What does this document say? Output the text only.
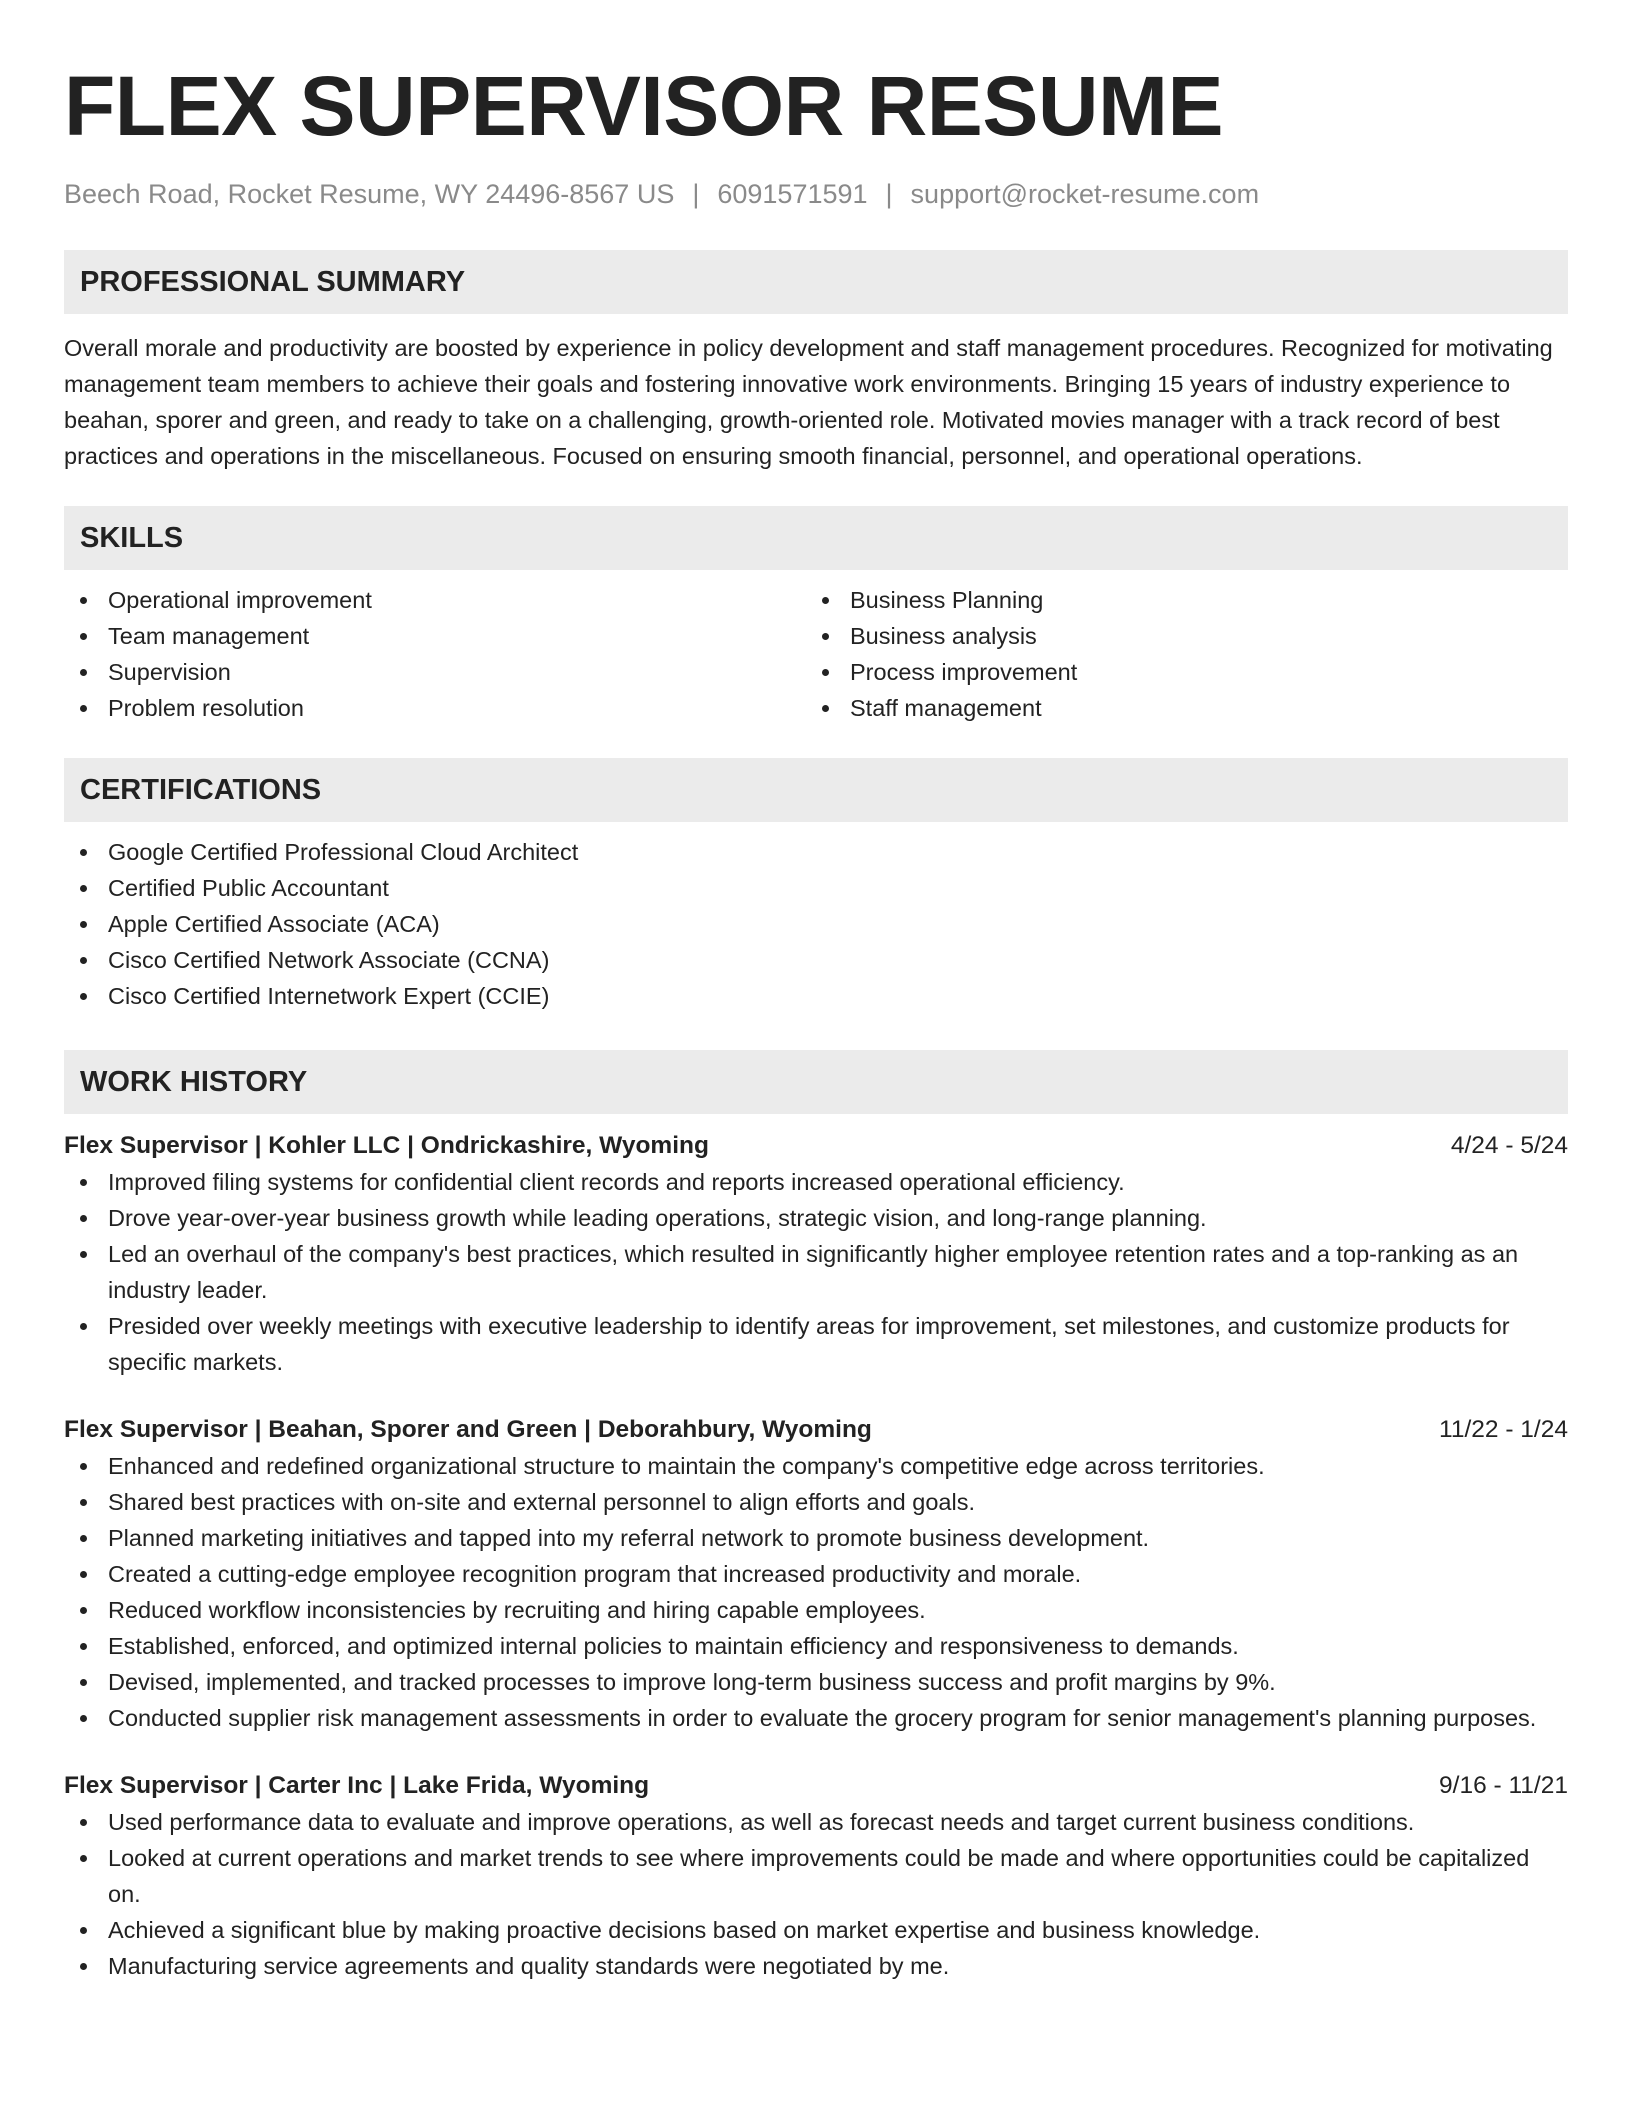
FLEX SUPERVISOR RESUME
Beech Road, Rocket Resume, WY 24496-8567 US | 6091571591 | support@rocket-resume.com
PROFESSIONAL SUMMARY

Overall morale and productivity are boosted by experience in policy development and staff management procedures. Recognized for motivating management team members to achieve their goals and fostering innovative work environments. Bringing 15 years of industry experience to beahan, sporer and green, and ready to take on a challenging, growth-oriented role. Motivated movies manager with a track record of best practices and operations in the miscellaneous. Focused on ensuring smooth financial, personnel, and operational operations.

SKILLS
Operational improvement
Team management
Supervision
Problem resolution
Business Planning
Business analysis
Process improvement
Staff management
CERTIFICATIONS
Google Certified Professional Cloud Architect
Certified Public Accountant
Apple Certified Associate (ACA)
Cisco Certified Network Associate (CCNA)
Cisco Certified Internetwork Expert (CCIE)
WORK HISTORY
Flex Supervisor | Kohler LLC | Ondrickashire, Wyoming	4/24 - 5/24
Improved filing systems for confidential client records and reports increased operational efficiency.
Drove year-over-year business growth while leading operations, strategic vision, and long-range planning.
Led an overhaul of the company's best practices, which resulted in significantly higher employee retention rates and a top-ranking as an industry leader.
Presided over weekly meetings with executive leadership to identify areas for improvement, set milestones, and customize products for specific markets.
Flex Supervisor | Beahan, Sporer and Green | Deborahbury, Wyoming	11/22 - 1/24
Enhanced and redefined organizational structure to maintain the company's competitive edge across territories.
Shared best practices with on-site and external personnel to align efforts and goals.
Planned marketing initiatives and tapped into my referral network to promote business development.
Created a cutting-edge employee recognition program that increased productivity and morale.
Reduced workflow inconsistencies by recruiting and hiring capable employees.
Established, enforced, and optimized internal policies to maintain efficiency and responsiveness to demands.
Devised, implemented, and tracked processes to improve long-term business success and profit margins by 9%.
Conducted supplier risk management assessments in order to evaluate the grocery program for senior management's planning purposes.
Flex Supervisor | Carter Inc | Lake Frida, Wyoming	9/16 - 11/21
Used performance data to evaluate and improve operations, as well as forecast needs and target current business conditions.
Looked at current operations and market trends to see where improvements could be made and where opportunities could be capitalized on.
Achieved a significant blue by making proactive decisions based on market expertise and business knowledge.
Manufacturing service agreements and quality standards were negotiated by me.
